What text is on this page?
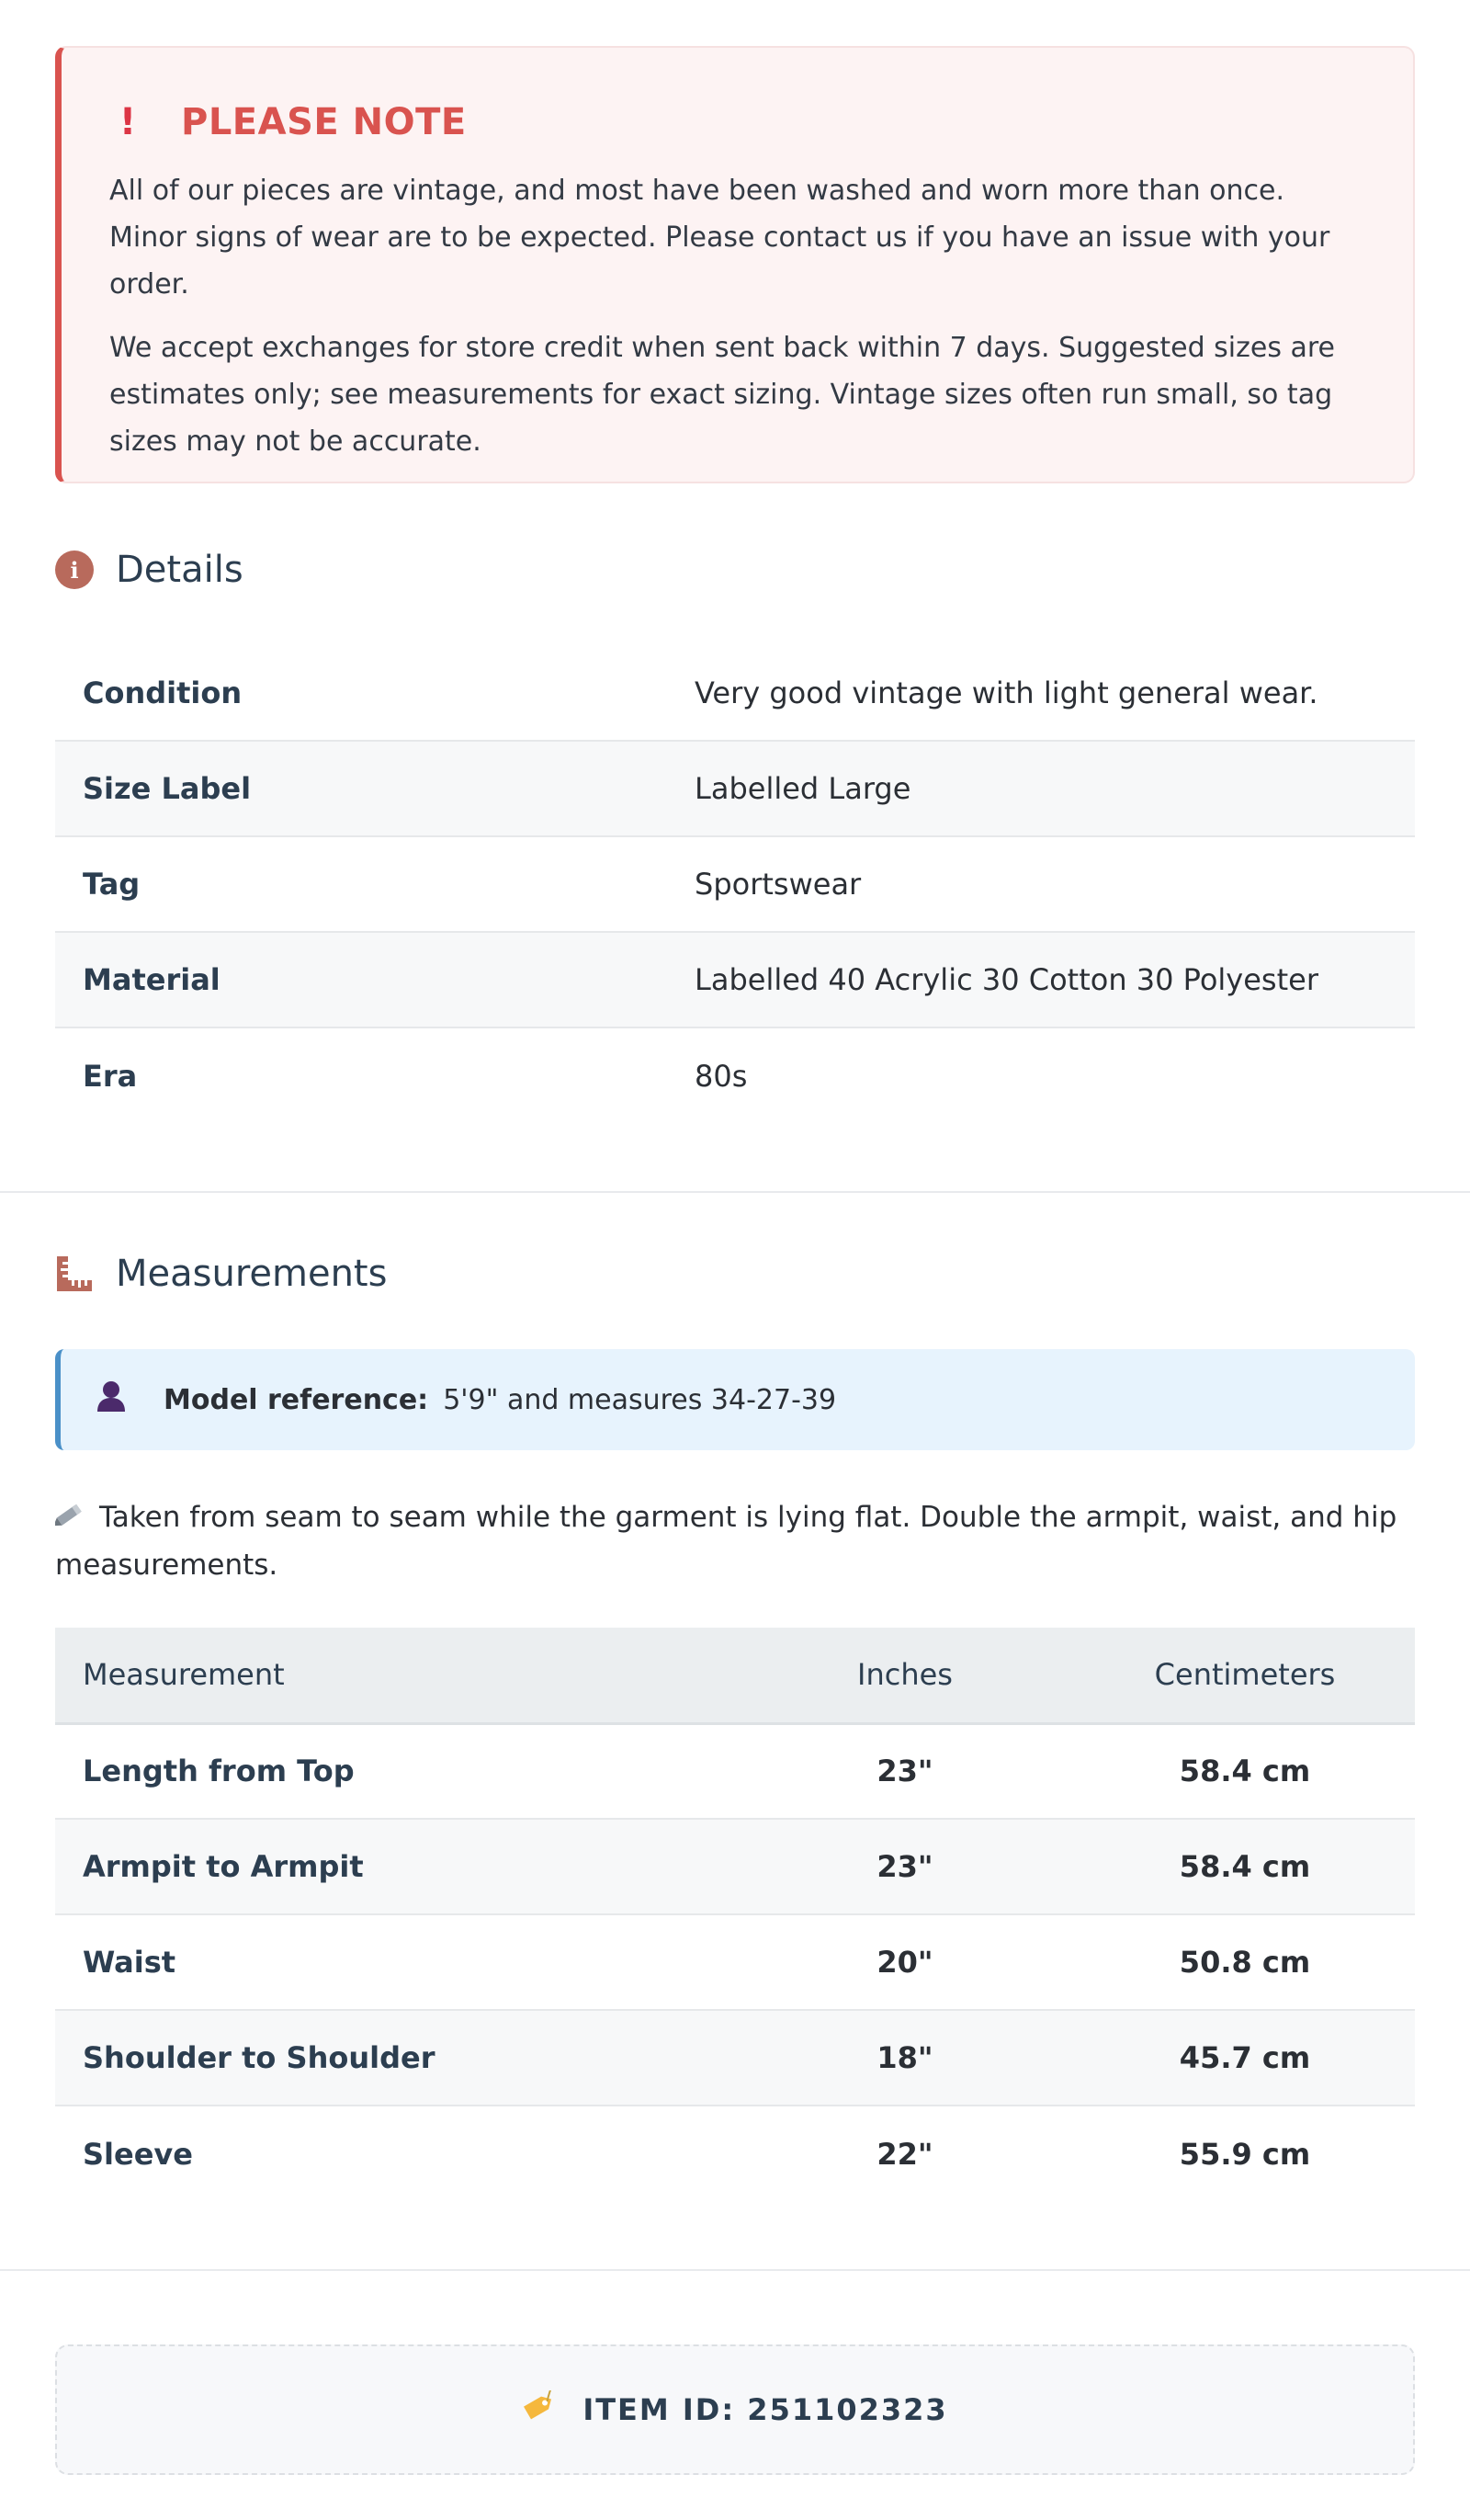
! PLEASE NOTE

All of our pieces are vintage, and most have been washed and worn more than once. Minor signs of wear are to be expected. Please contact us if you have an issue with your order.

We accept exchanges for store credit when sent back within 7 days. Suggested sizes are estimates only; see measurements for exact sizing. Vintage sizes often run small, so tag sizes may not be accurate.

i	Details
Condition	Very good vintage with light general wear.
Size Label	Labelled Large
Tag	Sportswear
Material	Labelled 40 Acrylic 30 Cotton 30 Polyester
Era	80s
Measurements
Model reference: 5'9" and measures 34-27-39
Taken from seam to seam while the garment is lying flat. Double the armpit, waist, and hip measurements.
Measurement	Inches	Centimeters
Length from Top	23"	58.4 cm
Armpit to Armpit	23"	58.4 cm
Waist	20"	50.8 cm
Shoulder to Shoulder	18"	45.7 cm
Sleeve	22"	55.9 cm
ITEM ID: 251102323
